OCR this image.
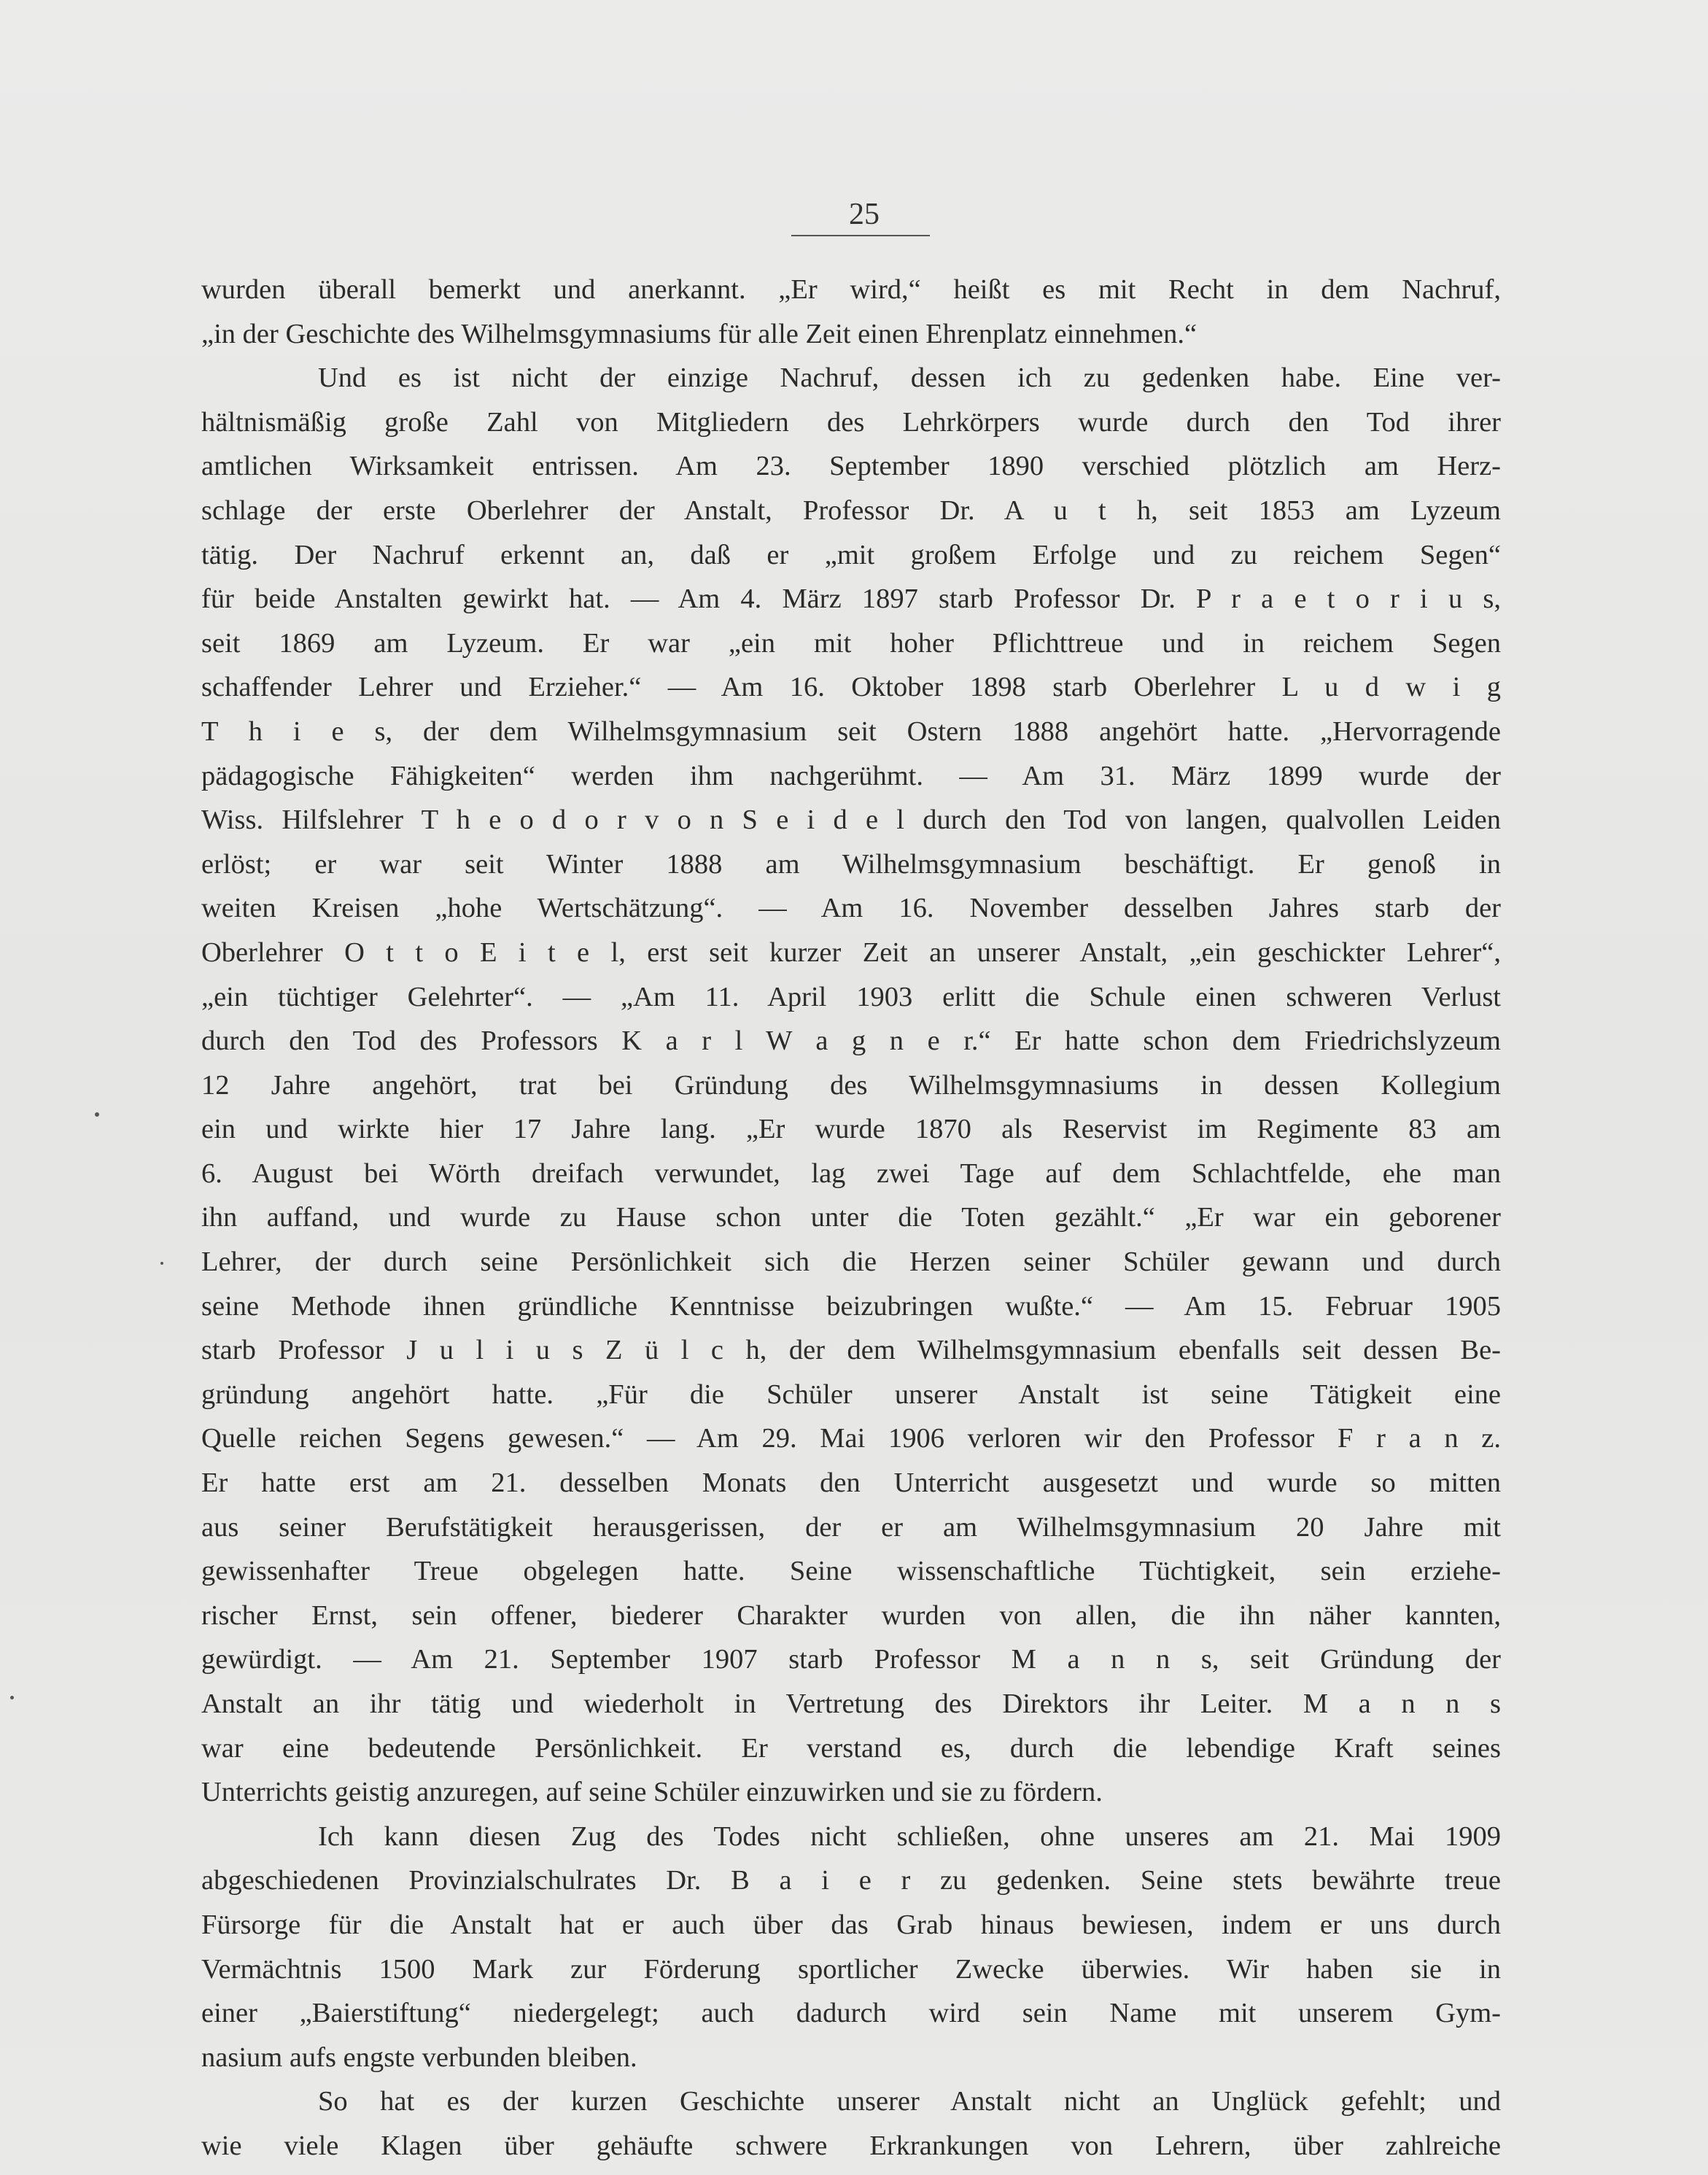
25
wurden überall bemerkt und anerkannt. „Er wird,“ heißt es mit Recht in dem Nachruf,
„in der Geschichte des Wilhelmsgymnasiums für alle Zeit einen Ehrenplatz einnehmen.“
Und es ist nicht der einzige Nachruf, dessen ich zu gedenken habe. Eine ver-
hältnismäßig große Zahl von Mitgliedern des Lehrkörpers wurde durch den Tod ihrer
amtlichen Wirksamkeit entrissen. Am 23. September 1890 verschied plötzlich am Herz-
schlage der erste Oberlehrer der Anstalt, Professor Dr. A u t h, seit 1853 am Lyzeum
tätig. Der Nachruf erkennt an, daß er „mit großem Erfolge und zu reichem Segen“
für beide Anstalten gewirkt hat. — Am 4. März 1897 starb Professor Dr. P r a e t o r i u s,
seit 1869 am Lyzeum. Er war „ein mit hoher Pflichttreue und in reichem Segen
schaffender Lehrer und Erzieher.“ — Am 16. Oktober 1898 starb Oberlehrer L u d w i g
T h i e s, der dem Wilhelmsgymnasium seit Ostern 1888 angehört hatte. „Hervorragende
pädagogische Fähigkeiten“ werden ihm nachgerühmt. — Am 31. März 1899 wurde der
Wiss. Hilfslehrer T h e o d o r v o n S e i d e l durch den Tod von langen, qualvollen Leiden
erlöst; er war seit Winter 1888 am Wilhelmsgymnasium beschäftigt. Er genoß in
weiten Kreisen „hohe Wertschätzung“. — Am 16. November desselben Jahres starb der
Oberlehrer O t t o E i t e l, erst seit kurzer Zeit an unserer Anstalt, „ein geschickter Lehrer“,
„ein tüchtiger Gelehrter“. — „Am 11. April 1903 erlitt die Schule einen schweren Verlust
durch den Tod des Professors K a r l W a g n e r.“ Er hatte schon dem Friedrichslyzeum
12 Jahre angehört, trat bei Gründung des Wilhelmsgymnasiums in dessen Kollegium
ein und wirkte hier 17 Jahre lang. „Er wurde 1870 als Reservist im Regimente 83 am
6. August bei Wörth dreifach verwundet, lag zwei Tage auf dem Schlachtfelde, ehe man
ihn auffand, und wurde zu Hause schon unter die Toten gezählt.“ „Er war ein geborener
Lehrer, der durch seine Persönlichkeit sich die Herzen seiner Schüler gewann und durch
seine Methode ihnen gründliche Kenntnisse beizubringen wußte.“ — Am 15. Februar 1905
starb Professor J u l i u s Z ü l c h, der dem Wilhelmsgymnasium ebenfalls seit dessen Be-
gründung angehört hatte. „Für die Schüler unserer Anstalt ist seine Tätigkeit eine
Quelle reichen Segens gewesen.“ — Am 29. Mai 1906 verloren wir den Professor F r a n z.
Er hatte erst am 21. desselben Monats den Unterricht ausgesetzt und wurde so mitten
aus seiner Berufstätigkeit herausgerissen, der er am Wilhelmsgymnasium 20 Jahre mit
gewissenhafter Treue obgelegen hatte. Seine wissenschaftliche Tüchtigkeit, sein erziehe-
rischer Ernst, sein offener, biederer Charakter wurden von allen, die ihn näher kannten,
gewürdigt. — Am 21. September 1907 starb Professor M a n n s, seit Gründung der
Anstalt an ihr tätig und wiederholt in Vertretung des Direktors ihr Leiter. M a n n s
war eine bedeutende Persönlichkeit. Er verstand es, durch die lebendige Kraft seines
Unterrichts geistig anzuregen, auf seine Schüler einzuwirken und sie zu fördern.
Ich kann diesen Zug des Todes nicht schließen, ohne unseres am 21. Mai 1909
abgeschiedenen Provinzialschulrates Dr. B a i e r zu gedenken. Seine stets bewährte treue
Fürsorge für die Anstalt hat er auch über das Grab hinaus bewiesen, indem er uns durch
Vermächtnis 1500 Mark zur Förderung sportlicher Zwecke überwies. Wir haben sie in
einer „Baierstiftung“ niedergelegt; auch dadurch wird sein Name mit unserem Gym-
nasium aufs engste verbunden bleiben.
So hat es der kurzen Geschichte unserer Anstalt nicht an Unglück gefehlt; und
wie viele Klagen über gehäufte schwere Erkrankungen von Lehrern, über zahlreiche
